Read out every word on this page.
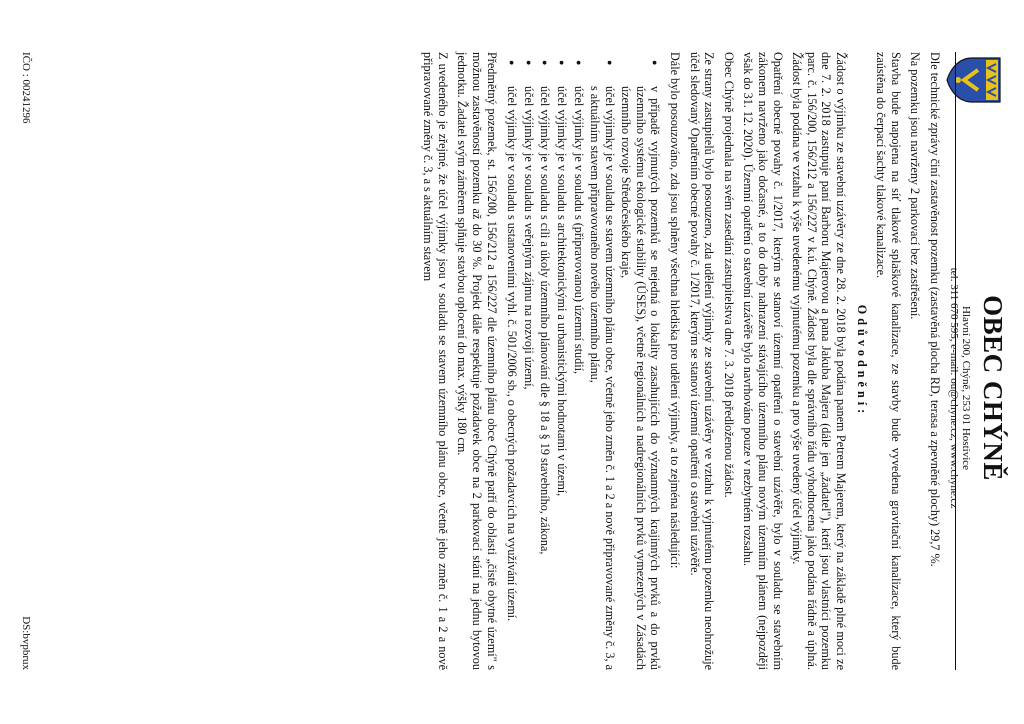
OBEC CHÝNĚ
Hlavní 200, Chýně, 253 01 Hostivice
tel. 311 670 595, e-mail: ou@chyne.cz, www.chyne.cz

Dle technické zprávy činí zastavěnost pozemku (zastavěná plocha RD, terasa a zpevněné plochy) 29,7 %.

Na pozemku jsou navrženy 2 parkovací bez zastřešení.

Stavba bude napojena na síť tlakové splaškové kanalizace, ze stavby bude vyvedena gravitační kanalizace, který bude zaústěna do čerpací šachty tlakové kanalizace.

Odůvodnění:

Žádost o výjimku ze stavební uzávěry ze dne 28. 2. 2018 byla podána panem Petrem Majerem, který na základě plné moci ze dne 7. 2. 2018 zastupuje paní Barboru Majerovou a pana Jakuba Majera (dále jen „žadatel"), kteří jsou vlastníci pozemku parc. č. 156/200, 156/212 a 156/227 v k.ú. Chýně. Žádost byla dle správního řádu vyhodnocena jako podána řádně a úplná. Žádost byla podána ve vztahu k výše uvedenému vyjmutému pozemku a pro výše uvedený účel výjimky.

Opatření obecné povahy č. 1/2017, kterým se stanoví územní opatření o stavební uzávěře, bylo v souladu se stavebním zákonem navrženo jako dočasné, a to do doby nahrazení stávajícího územního plánu novým územním plánem (nejpozději však do 31. 12. 2020). Územní opatření o stavební uzávěře bylo navrhováno pouze v nezbytném rozsahu.

Obec Chýně projednala na svém zasedání zastupitelstva dne 7. 3. 2018 předloženou žádost.

Ze strany zastupitelů bylo posouzeno, zda udělení výjimky ze stavební uzávěry ve vztahu k vyjmutému pozemku neohrožuje účel sledovaný Opatřením obecné povahy č. 1/2017, kterým se stanoví územní opatření o stavební uzávěře.

Dále bylo posouzováno, zda jsou splněny všechna hlediska pro udělení výjimky, a to zejména následující:

● v případě vyjmutých pozemků se nejedná o lokality zasahujících do významných krajinných prvků a do prvků územního systému ekologické stability (ÚSES), včetně regionálních a nadregionálních prvků vymezených v Zásadách územního rozvoje Středočeského kraje,
● účel výjimky je v souladu se stavem územního plánu obce, včetně jeho změn č. 1 a 2 a nově připravované změny č. 3, a s aktuálním stavem připravovaného nového územního plánu,
● účel výjimky je v souladu s (připravovanou) územní studií,
● účel výjimky je v souladu s architektonickými a urbanistickými hodnotami v území,
● účel výjimky je v souladu s cíli a úkoly územního plánování dle § 18 a § 19 stavebního, zákona,
● účel výjimky je v souladu s veřejným zájmu na rozvoji území,
● účel výjimky je v souladu s ustanoveními vyhl. č. 501/2006 sb., o obecných požadavcích na využívání území.

Předmětný pozemek, st. 156/200, 156/212 a 156/227 dle územního plánu obce Chýně patří do oblasti „čistě obytné území" s možnou zastavěností pozemku až do 30 %. Projekt dále respektuje požadavek obce na 2 parkovací stání na jednu bytovou jednotku. Žadatel svým záměrem splňuje stavbou oplocení do max. výšky 180 cm.

Z uvedeného je zřejmé, že účel výjimky jsou v souladu se stavem územního plánu obce, včetně jeho změn č. 1 a 2 a nově připravované změny č. 3, a s aktuálním stavem

IČO : 00241296
DS:bvpbrux
